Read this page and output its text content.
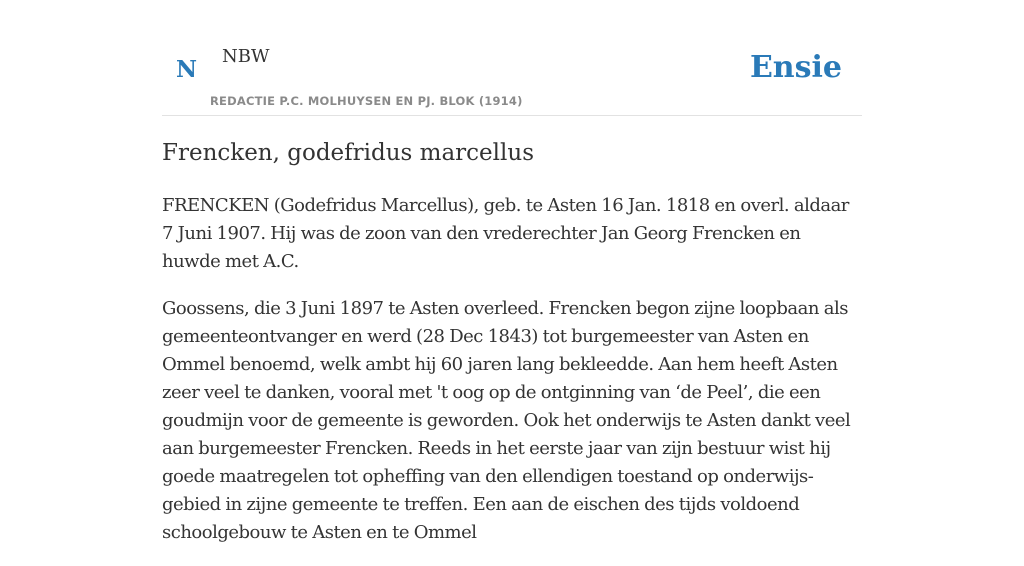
N NBW
REDACTIE P.C. MOLHUYSEN EN PJ. BLOK (1914)
Ensie
Frencken, godefridus marcellus

FRENCKEN (Godefridus Marcellus), geb. te Asten 16 Jan. 1818 en overl. aldaar 7 Juni 1907. Hij was de zoon van den vrederechter Jan Georg Frencken en huwde met A.C.

Goossens, die 3 Juni 1897 te Asten overleed. Frencken begon zijne loopbaan als gemeenteontvanger en werd (28 Dec 1843) tot burgemeester van Asten en Ommel benoemd, welk ambt hij 60 jaren lang bekleedde. Aan hem heeft Asten zeer veel te danken, vooral met 't oog op de ontginning van ‘de Peel’, die een goudmijn voor de gemeente is geworden. Ook het onderwijs te Asten dankt veel aan burgemeester Frencken. Reeds in het eerste jaar van zijn bestuur wist hij goede maatregelen tot opheffing van den ellendigen toestand op onderwijs-gebied in zijne gemeente te treffen. Een aan de eischen des tijds voldoend schoolgebouw te Asten en te Ommel
